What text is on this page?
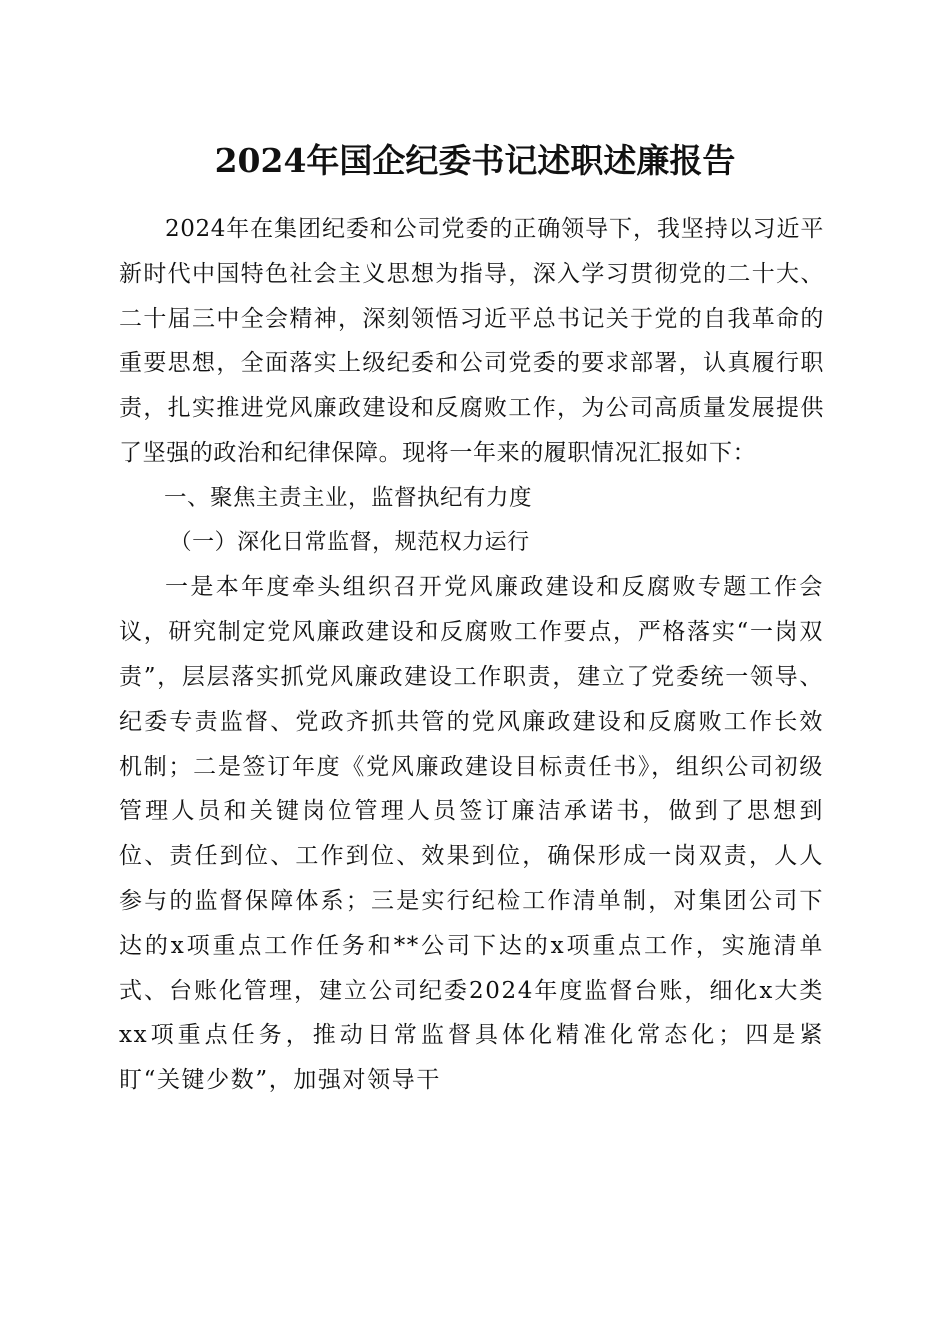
2024年国企纪委书记述职述廉报告

2024年在集团纪委和公司党委的正确领导下，我坚持以习近平新时代中国特色社会主义思想为指导，深入学习贯彻党的二十大、二十届三中全会精神，深刻领悟习近平总书记关于党的自我革命的重要思想，全面落实上级纪委和公司党委的要求部署，认真履行职责，扎实推进党风廉政建设和反腐败工作，为公司高质量发展提供了坚强的政治和纪律保障。现将一年来的履职情况汇报如下：

一、聚焦主责主业，监督执纪有力度

（一）深化日常监督，规范权力运行

一是本年度牵头组织召开党风廉政建设和反腐败专题工作会议，研究制定党风廉政建设和反腐败工作要点，严格落实“一岗双责”，层层落实抓党风廉政建设工作职责，建立了党委统一领导、纪委专责监督、党政齐抓共管的党风廉政建设和反腐败工作长效机制；二是签订年度《党风廉政建设目标责任书》，组织公司初级管理人员和关键岗位管理人员签订廉洁承诺书，做到了思想到位、责任到位、工作到位、效果到位，确保形成一岗双责，人人参与的监督保障体系；三是实行纪检工作清单制，对集团公司下达的x项重点工作任务和**公司下达的x项重点工作，实施清单式、台账化管理，建立公司纪委2024年度监督台账，细化x大类xx项重点任务，推动日常监督具体化精准化常态化；四是紧盯“关键少数”，加强对领导干
